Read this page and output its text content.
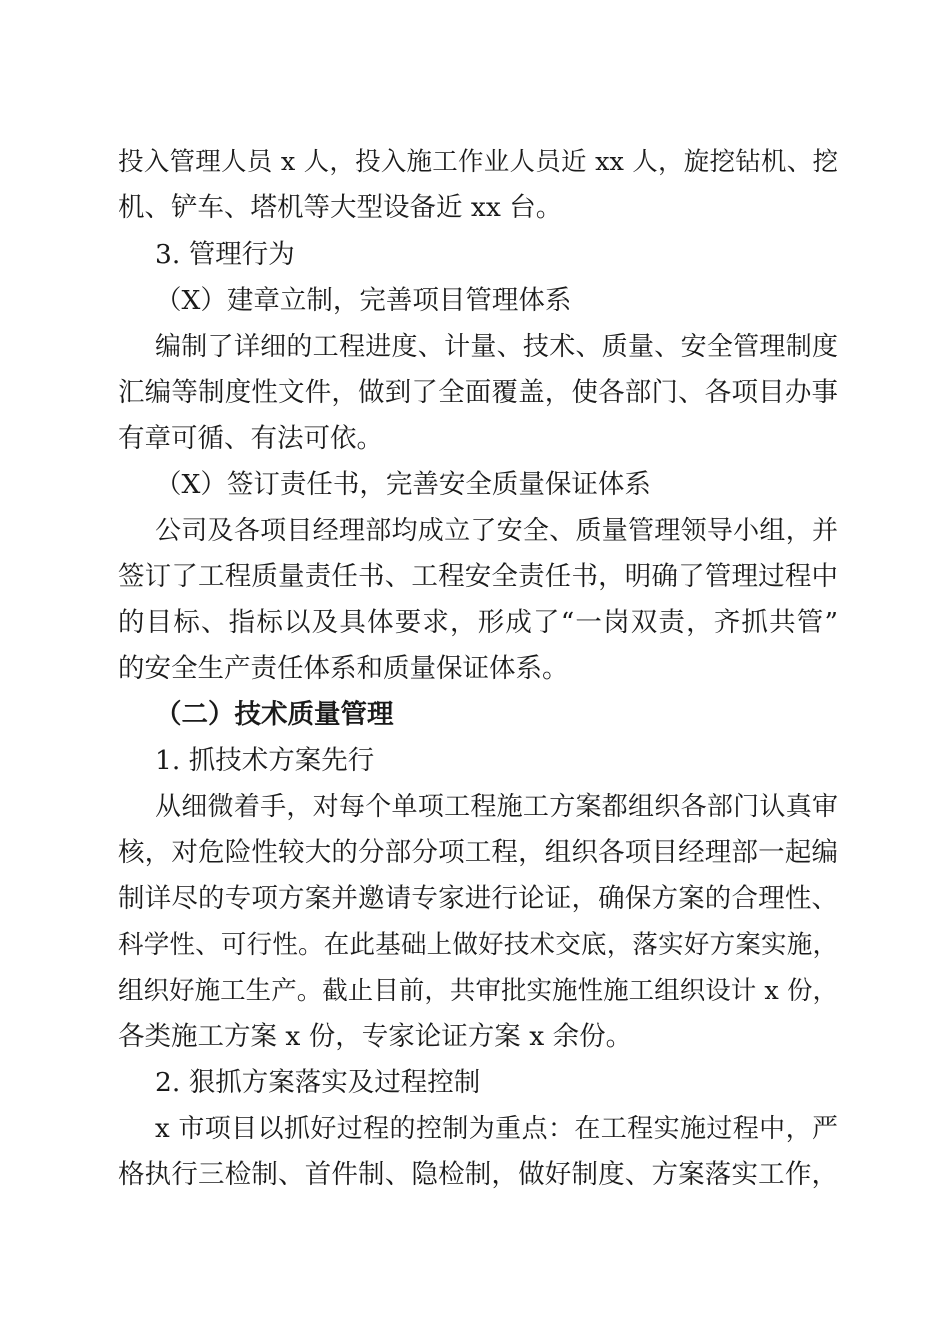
投入管理人员 x 人，投入施工作业人员近 xx 人，旋挖钻机、挖
机、铲车、塔机等大型设备近 xx 台。
3. 管理行为
（X）建章立制，完善项目管理体系
编制了详细的工程进度、计量、技术、质量、安全管理制度
汇编等制度性文件，做到了全面覆盖，使各部门、各项目办事
有章可循、有法可依。
（X）签订责任书，完善安全质量保证体系
公司及各项目经理部均成立了安全、质量管理领导小组，并
签订了工程质量责任书、工程安全责任书，明确了管理过程中
的目标、指标以及具体要求，形成了“一岗双责，齐抓共管”
的安全生产责任体系和质量保证体系。
（二）技术质量管理
1. 抓技术方案先行
从细微着手，对每个单项工程施工方案都组织各部门认真审
核，对危险性较大的分部分项工程，组织各项目经理部一起编
制详尽的专项方案并邀请专家进行论证，确保方案的合理性、
科学性、可行性。在此基础上做好技术交底，落实好方案实施，
组织好施工生产。截止目前，共审批实施性施工组织设计 x 份，
各类施工方案 x 份，专家论证方案 x 余份。
2. 狠抓方案落实及过程控制
x 市项目以抓好过程的控制为重点：在工程实施过程中，严
格执行三检制、首件制、隐检制，做好制度、方案落实工作，
